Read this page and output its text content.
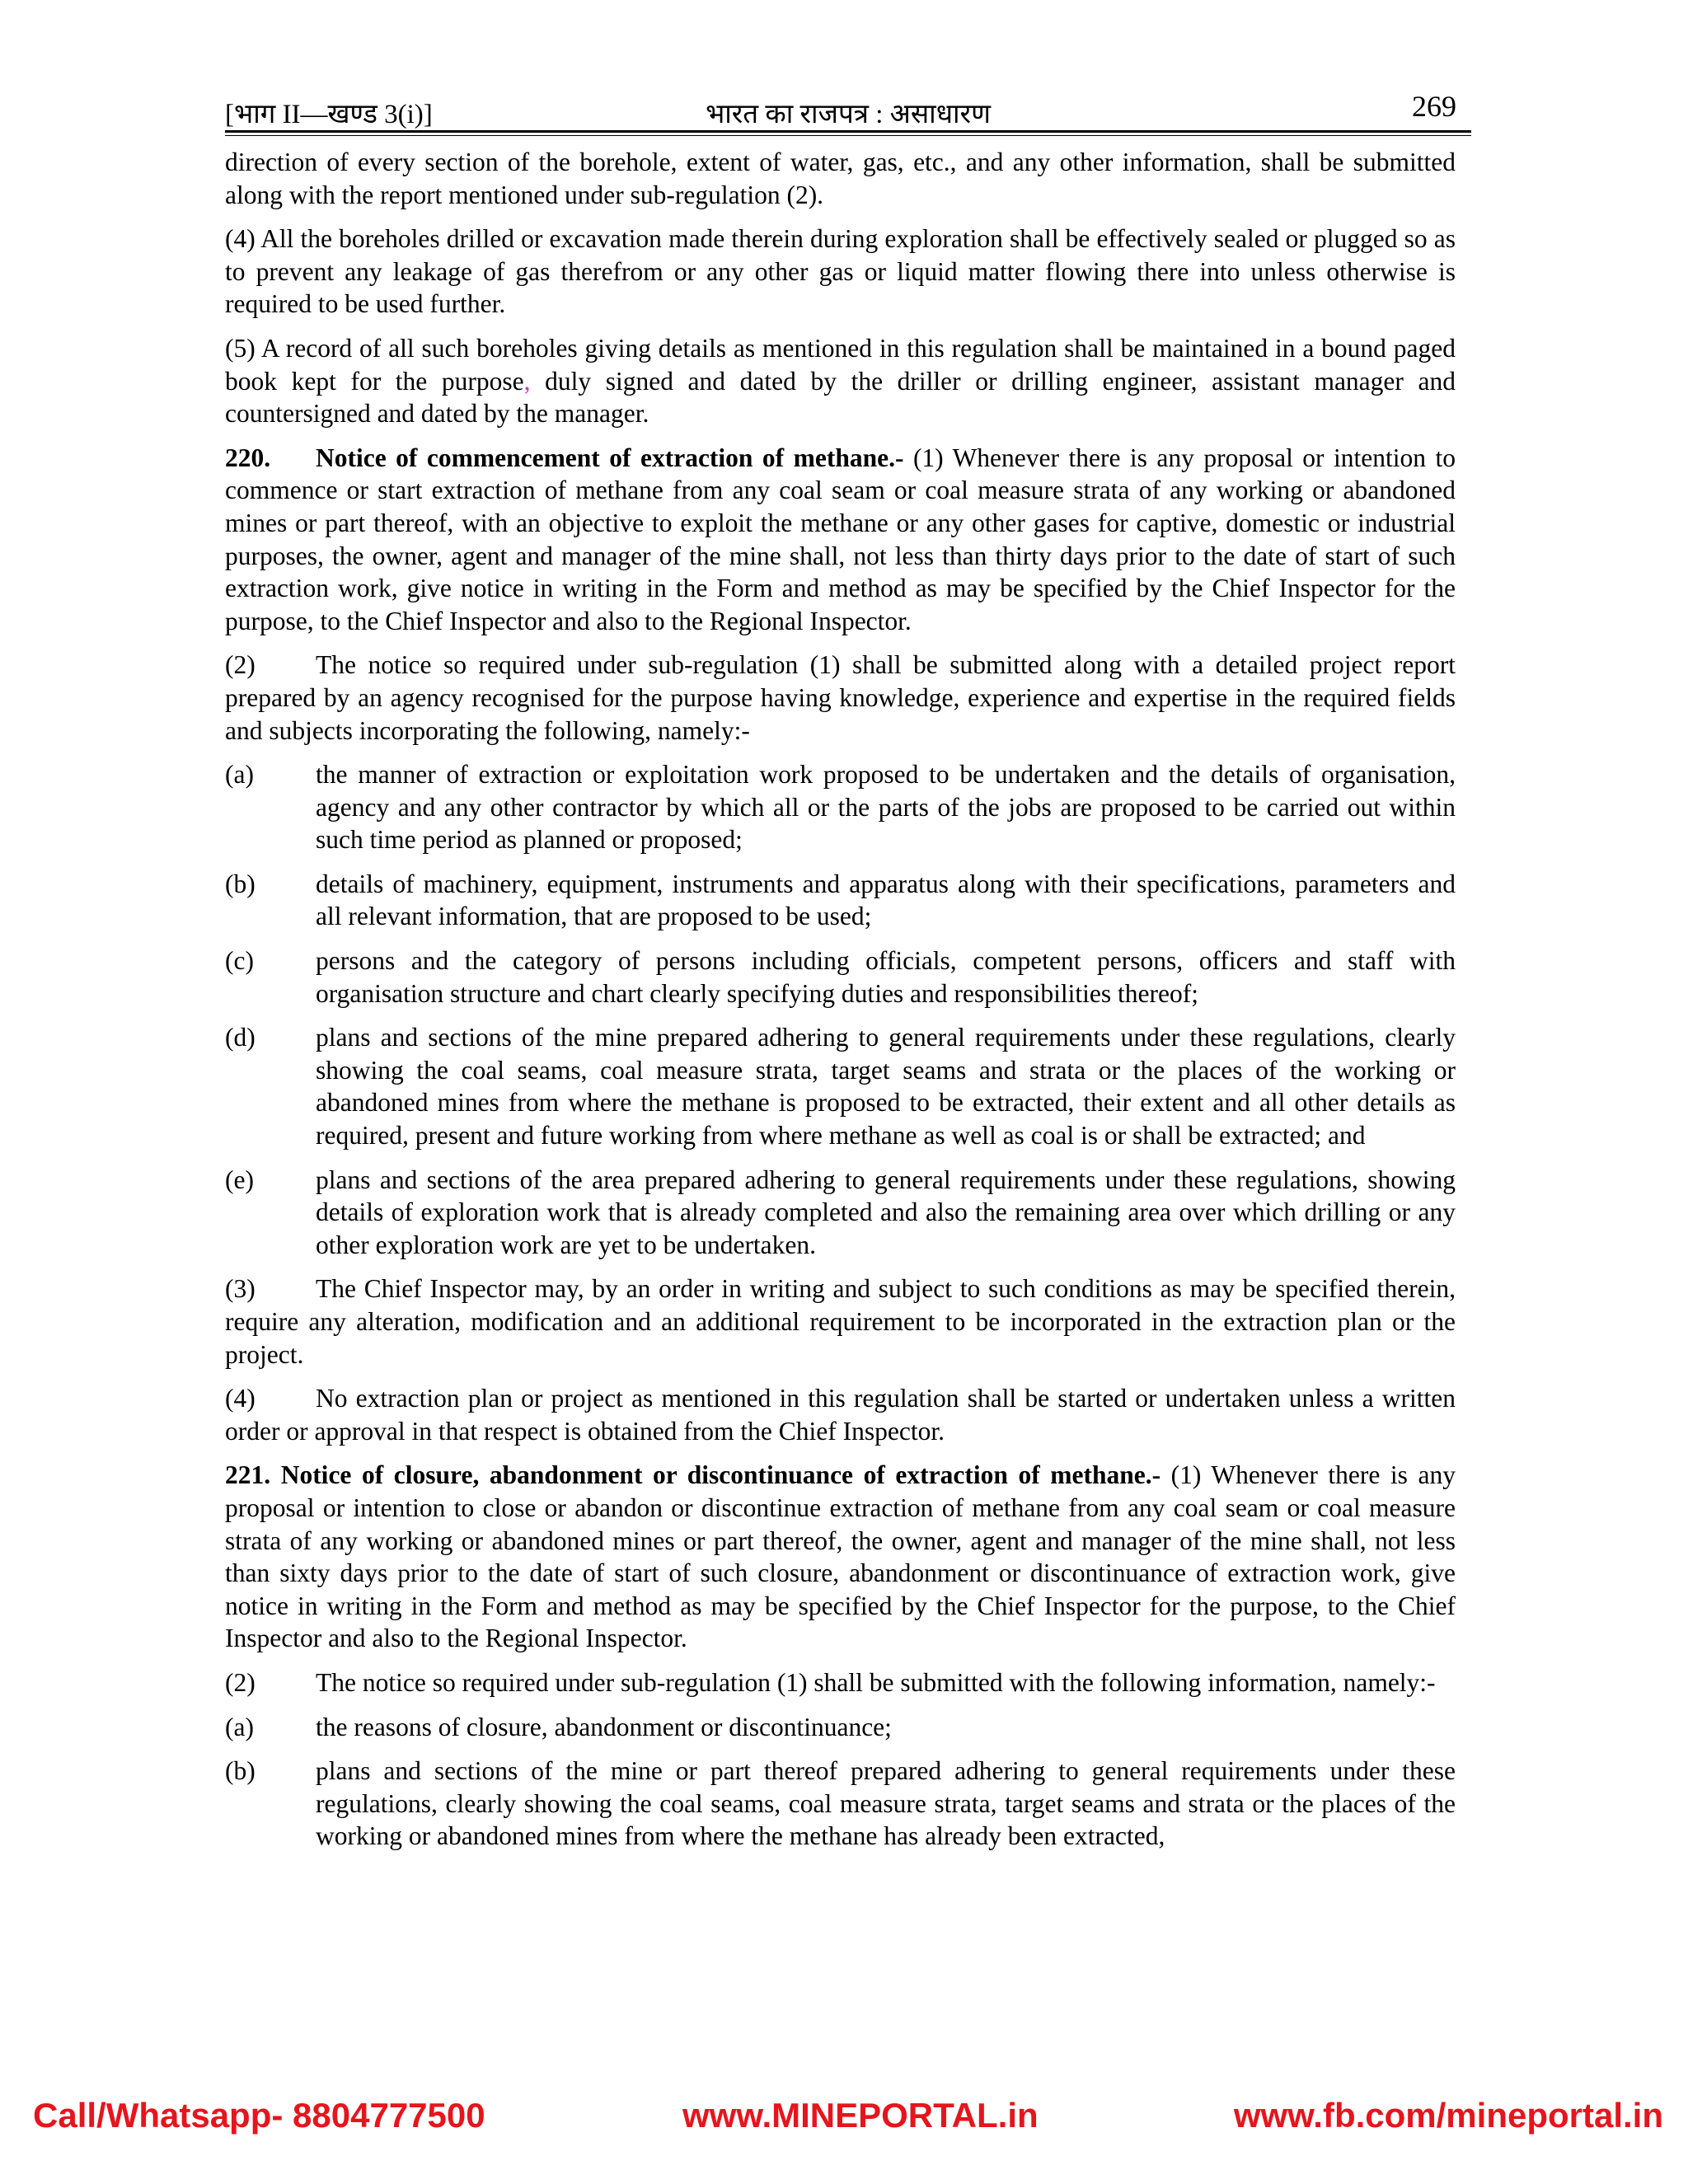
[भाग II—खण्ड 3(i)]	भारत का राजपत्र : असाधारण	269

direction of every section of the borehole, extent of water, gas, etc., and any other information, shall be submitted along with the report mentioned under sub-regulation (2).

(4) All the boreholes drilled or excavation made therein during exploration shall be effectively sealed or plugged so as to prevent any leakage of gas therefrom or any other gas or liquid matter flowing there into unless otherwise is required to be used further.

(5) A record of all such boreholes giving details as mentioned in this regulation shall be maintained in a bound paged book kept for the purpose, duly signed and dated by the driller or drilling engineer, assistant manager and countersigned and dated by the manager.

220. Notice of commencement of extraction of methane.- (1) Whenever there is any proposal or intention to commence or start extraction of methane from any coal seam or coal measure strata of any working or abandoned mines or part thereof, with an objective to exploit the methane or any other gases for captive, domestic or industrial purposes, the owner, agent and manager of the mine shall, not less than thirty days prior to the date of start of such extraction work, give notice in writing in the Form and method as may be specified by the Chief Inspector for the purpose, to the Chief Inspector and also to the Regional Inspector.

(2) The notice so required under sub-regulation (1) shall be submitted along with a detailed project report prepared by an agency recognised for the purpose having knowledge, experience and expertise in the required fields and subjects incorporating the following, namely:-

(a)	the manner of extraction or exploitation work proposed to be undertaken and the details of organisation, agency and any other contractor by which all or the parts of the jobs are proposed to be carried out within such time period as planned or proposed;
(b)	details of machinery, equipment, instruments and apparatus along with their specifications, parameters and all relevant information, that are proposed to be used;
(c)	persons and the category of persons including officials, competent persons, officers and staff with organisation structure and chart clearly specifying duties and responsibilities thereof;
(d)	plans and sections of the mine prepared adhering to general requirements under these regulations, clearly showing the coal seams, coal measure strata, target seams and strata or the places of the working or abandoned mines from where the methane is proposed to be extracted, their extent and all other details as required, present and future working from where methane as well as coal is or shall be extracted; and
(e)	plans and sections of the area prepared adhering to general requirements under these regulations, showing details of exploration work that is already completed and also the remaining area over which drilling or any other exploration work are yet to be undertaken.

(3) The Chief Inspector may, by an order in writing and subject to such conditions as may be specified therein, require any alteration, modification and an additional requirement to be incorporated in the extraction plan or the project.

(4) No extraction plan or project as mentioned in this regulation shall be started or undertaken unless a written order or approval in that respect is obtained from the Chief Inspector.

221. Notice of closure, abandonment or discontinuance of extraction of methane.- (1) Whenever there is any proposal or intention to close or abandon or discontinue extraction of methane from any coal seam or coal measure strata of any working or abandoned mines or part thereof, the owner, agent and manager of the mine shall, not less than sixty days prior to the date of start of such closure, abandonment or discontinuance of extraction work, give notice in writing in the Form and method as may be specified by the Chief Inspector for the purpose, to the Chief Inspector and also to the Regional Inspector.

(2) The notice so required under sub-regulation (1) shall be submitted with the following information, namely:-

(a)	the reasons of closure, abandonment or discontinuance;
(b)	plans and sections of the mine or part thereof prepared adhering to general requirements under these regulations, clearly showing the coal seams, coal measure strata, target seams and strata or the places of the working or abandoned mines from where the methane has already been extracted,
Call/Whatsapp- 8804777500	www.MINEPORTAL.in	www.fb.com/mineportal.in
